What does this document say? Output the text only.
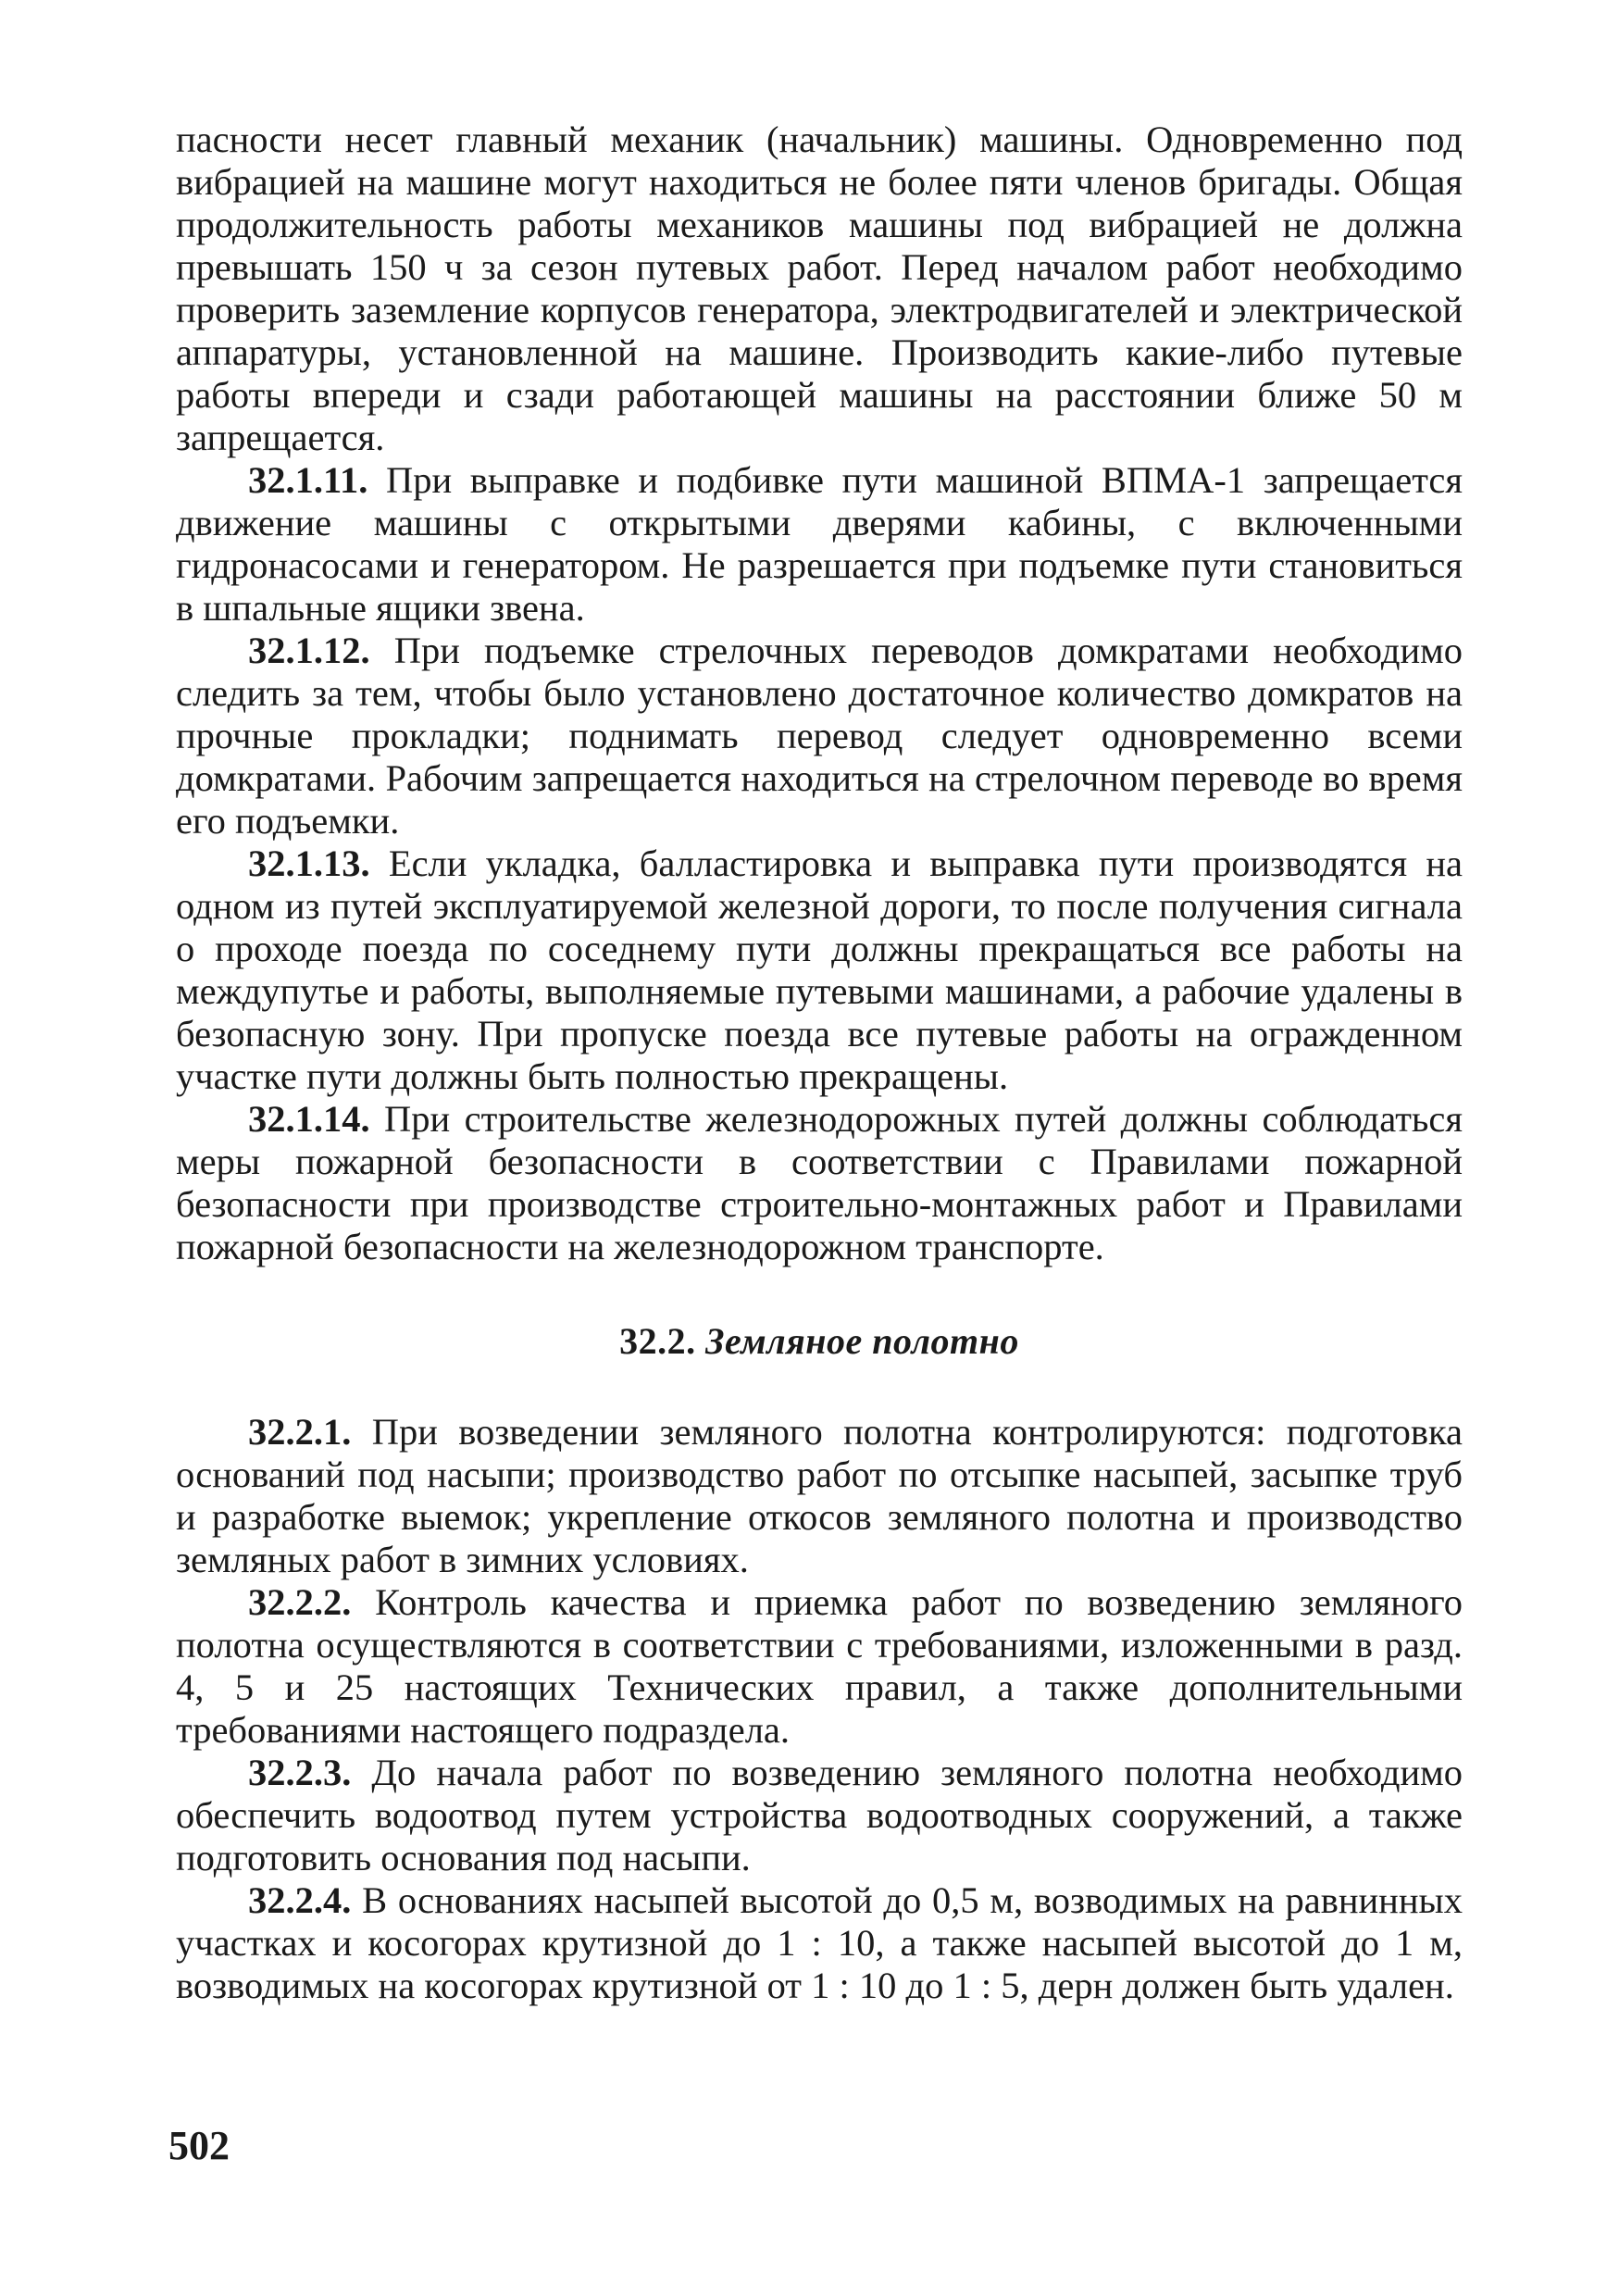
пасности несет главный механик (начальник) машины. Одновременно под вибрацией на машине могут находиться не более пяти членов бригады. Общая продолжительность работы механиков машины под вибрацией не должна превышать 150 ч за сезон путевых работ. Перед началом работ необходимо проверить заземление корпусов генератора, электродвигателей и электрической аппаратуры, установленной на машине. Производить какие-либо путевые работы впереди и сзади работающей машины на расстоянии ближе 50 м запрещается.

32.1.11. При выправке и подбивке пути машиной ВПМА-1 запрещается движение машины с открытыми дверями кабины, с включенными гидронасосами и генератором. Не разрешается при подъемке пути становиться в шпальные ящики звена.

32.1.12. При подъемке стрелочных переводов домкратами необходимо следить за тем, чтобы было установлено достаточное количество домкратов на прочные прокладки; поднимать перевод следует одновременно всеми домкратами. Рабочим запрещается находиться на стрелочном переводе во время его подъемки.

32.1.13. Если укладка, балластировка и выправка пути производятся на одном из путей эксплуатируемой железной дороги, то после получения сигнала о проходе поезда по соседнему пути должны прекращаться все работы на междупутье и работы, выполняемые путевыми машинами, а рабочие удалены в безопасную зону. При пропуске поезда все путевые работы на огражденном участке пути должны быть полностью прекращены.

32.1.14. При строительстве железнодорожных путей должны соблюдаться меры пожарной безопасности в соответствии с Правилами пожарной безопасности при производстве строительно-монтажных работ и Правилами пожарной безопасности на железнодорожном транспорте.

32.2. Земляное полотно

32.2.1. При возведении земляного полотна контролируются: подготовка оснований под насыпи; производство работ по отсыпке насыпей, засыпке труб и разработке выемок; укрепление откосов земляного полотна и производство земляных работ в зимних условиях.

32.2.2. Контроль качества и приемка работ по возведению земляного полотна осуществляются в соответствии с требованиями, изложенными в разд. 4, 5 и 25 настоящих Технических правил, а также дополнительными требованиями настоящего подраздела.

32.2.3. До начала работ по возведению земляного полотна необходимо обеспечить водоотвод путем устройства водоотводных сооружений, а также подготовить основания под насыпи.

32.2.4. В основаниях насыпей высотой до 0,5 м, возводимых на равнинных участках и косогорах крутизной до 1 : 10, а также насыпей высотой до 1 м, возводимых на косогорах крутизной от 1 : 10 до 1 : 5, дерн должен быть удален.

502
